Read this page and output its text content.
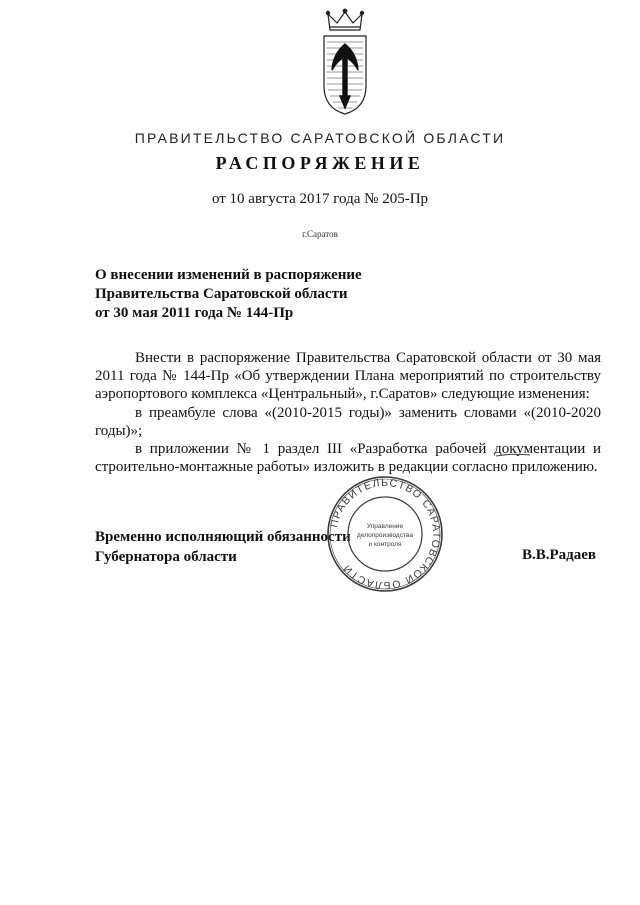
ПРАВИТЕЛЬСТВО САРАТОВСКОЙ ОБЛАСТИ
РАСПОРЯЖЕНИЕ
от 10 августа 2017 года № 205-Пр
г.Саратов
О внесении изменений в распоряжение
Правительства Саратовской области
от 30 мая 2011 года № 144-Пр

Внести в распоряжение Правительства Саратовской области от 30 мая 2011 года № 144-Пр «Об утверждении Плана мероприятий по строительству аэропортового комплекса «Центральный», г.Саратов» следующие изменения:

в преамбуле слова «(2010-2015 годы)» заменить словами «(2010-2020 годы)»;

в приложении № 1 раздел III «Разработка рабочей документации и строительно-монтажные работы» изложить в редакции согласно приложению.

Временно исполняющий обязанности
Губернатора области	В.В.Радаев
ПРАВИТЕЛЬСТВО САРАТОВСКОЙ ОБЛАСТИ
Управление
делопроизводства
и контроля
